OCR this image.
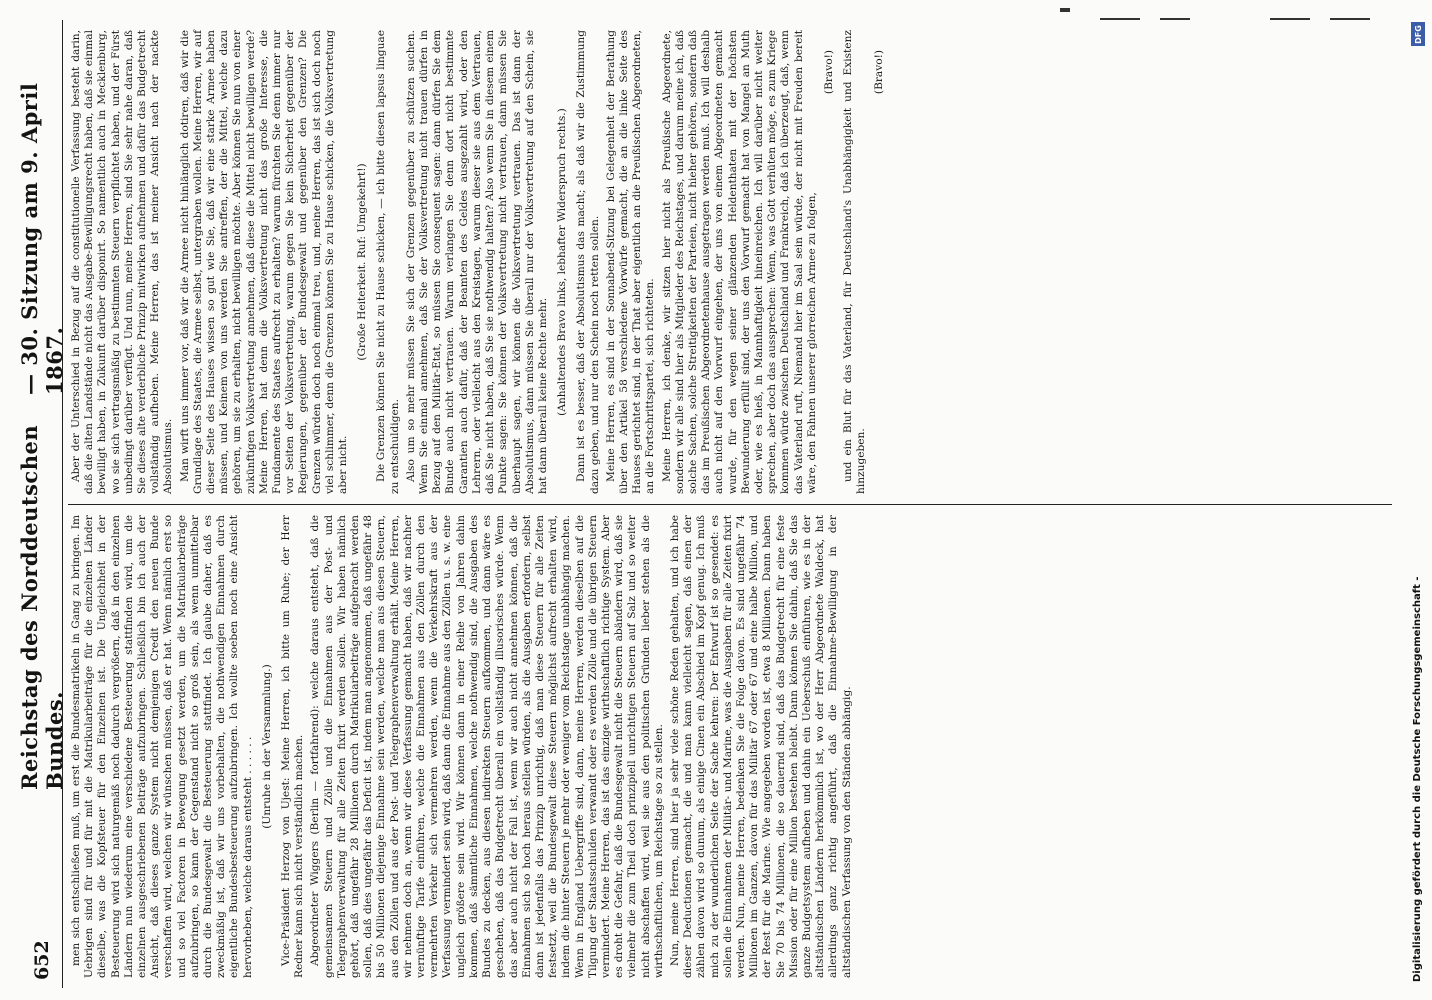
652
Reichstag des Norddeutschen Bundes.
— 30. Sitzung am 9. April 1867.

men sich entschließen muß, um erst die Bundesmatrikeln in Gang zu bringen. Im Uebrigen sind für und für mit die Matrikularbeiträge für die einzelnen Länder dieselbe, was die Kopfsteuer für den Einzelnen ist. Die Ungleichheit in der Besteuerung wird sich naturgemäß noch dadurch vergrößern, daß in den einzelnen Ländern nun wiederum eine verschiedene Besteuerung stattfinden wird, um die einzelnen ausgeschriebenen Beiträge aufzubringen. Schließlich bin ich auch der Ansicht, daß dieses ganze System nicht demjenigen Credit den neuen Bunde verschaffen wird, welchen wir wünschen müssen, daß er hat. Wenn nämlich erst so und so viel Factoren in Bewegung gesetzt werden, um die Matrikularbeiträge aufzubringen, so kann der Gegenstand nicht so groß sein, als wenn unmittelbar durch die Bundesgewalt die Besteuerung stattfindet. Ich glaube daher, daß es zweckmäßig ist, daß wir uns vorbehalten, die nothwendigen Einnahmen durch eigentliche Bundesbesteuerung aufzubringen. Ich wollte soeben noch eine Ansicht hervorheben, welche daraus entsteht . . . . . . (Unruhe in der Versammlung.) Vice-Präsident Herzog von Ujest: Meine Herren, ich bitte um Ruhe; der Herr Redner kann sich nicht verständlich machen. Abgeordneter Wiggers (Berlin — fortfahrend): welche daraus entsteht, daß die gemeinsamen Steuern und Zölle und die Einnahmen aus der Post- und Telegraphenverwaltung für alle Zeiten fixirt werden sollen. Wir haben nämlich gehört, daß ungefähr 28 Millionen durch Matrikularbeiträge aufgebracht werden sollen, daß dies ungefähr das Deficit ist, indem man angenommen, daß ungefähr 48 bis 50 Millionen diejenige Einnahme sein werden, welche man aus diesen Steuern, aus den Zöllen und aus der Post- und Telegraphenverwaltung erhält. Meine Herren, wir nehmen doch an, wenn wir diese Verfassung gemacht haben, daß wir nachher vernünftige Tarife einführen, welche die Einnahmen aus den Zöllen durch den vermehrten Verkehr sich vermehren werden, wenn die Verkehrskraft aus der Verfassung vermindert sein wird, daß dann die Einnahme aus den Zöllen u. s. w. eine ungleich größere sein wird. Wir können dann in einer Reihe von Jahren dahin kommen, daß sämmtliche Einnahmen, welche nothwendig sind, die Ausgaben des Bundes zu decken, aus diesen indirekten Steuern aufkommen, und dann wäre es geschehen, daß das Budgetrecht überall ein vollständig illusorisches würde. Wenn das aber auch nicht der Fall ist, wenn wir auch nicht annehmen können, daß die Einnahmen sich so hoch heraus stellen würden, als die Ausgaben erfordern, selbst dann ist jedenfalls das Prinzip unrichtig, daß man diese Steuern für alle Zeiten festsetzt, weil die Bundesgewalt diese Steuern möglichst aufrecht erhalten wird, indem die hinter Steuern je mehr oder weniger vom Reichstage unabhängig machen. Wenn in England Uebergriffe sind, dann, meine Herren, werden dieselben auf die Tilgung der Staatsschulden verwandt oder es werden Zölle und die übrigen Steuern vermindert. Meine Herren, das ist das einzige wirthschaftlich richtige System. Aber es droht die Gefahr, daß die Bundesgewalt nicht die Steuern abändern wird, daß sie vielmehr die zum Theil doch prinzipiell unrichtigen Steuern auf Salz und so weiter nicht abschaffen wird, weil sie aus den politischen Gründen lieber stehen als die wirthschaftlichen, um Reichstage so zu stellen. Nun, meine Herren, sind hier ja sehr viele schöne Reden gehalten, und ich habe dieser Deductionen gemacht, die und man kann vielleicht sagen, daß einen der zählen davon wird so dunum, als einige Cinen ein Abschied im Kopf genug. Ich muß mich zu der wunderlichen Seite der Sache kehren: Der Entwurf ist so gesendet: es sollen die Einnahmen der Militär- und Marine, was die Ausgaben für alle Zeiten fixirt werden. Nun, meine Herren, bedenken Sie die Folge davon. Es sind ungefähr 74 Millionen im Ganzen, davon für das Militär 67 oder 67 und eine halbe Million, und der Rest für die Marine. Wie angegeben worden ist, etwa 8 Millionen. Dann haben Sie 70 bis 74 Millionen, die so dauernd sind, daß das Budgetrecht für eine feste Mission oder für eine Million bestehen bleibt. Dann können Sie dahin, daß Sie das ganze Budgetsystem aufheben und dahin ein Ueberschuß einführen, wie es in der altständischen Ländern herkömmlich ist, wo der Herr Abgeordnete Waldeck, hat allerdings ganz richtig angeführt, daß die Einnahme-Bewilligung in der altständischen Verfassung von den Ständen abhängig.

Aber der Unterschied in Bezug auf die constitutionelle Verfassung besteht darin, daß die alten Landstände nicht das Ausgabe-Bewilligungsrecht haben, daß sie einmal bewilligt haben, in Zukunft darüber disponirt. So namentlich auch in Mecklenburg, wo sie sich vertragsmäßig zu bestimmten Steuern verpflichtet haben, und der Fürst unbedingt darüber verfügt. Und nun, meine Herren, sind Sie sehr nahe daran, daß Sie dieses alte verderbliche Prinzip mitwirken aufnehmen und dafür das Budgetrecht vollständig aufheben. Meine Herren, das ist meiner Ansicht nach der nackte Absolutismus. Man wirft uns immer vor, daß wir die Armee nicht hinlänglich dotiren, daß wir die Grundlage des Staates, die Armee selbst, untergraben wollen. Meine Herren, wir auf dieser Seite des Hauses wissen so gut wie Sie, daß wir eine starke Armee haben müssen, und Keinem von uns werden Sie antreffen, der die Mittel, welche dazu gehören, um sie zu erhalten, nicht bewilligen möchte. Aber können Sie nun von einer zukünftigen Volksvertretung annehmen, daß diese die Mittel nicht bewilligen werde? Meine Herren, hat denn die Volksvertretung nicht das große Interesse, die Fundamente des Staates aufrecht zu erhalten? warum fürchten Sie denn immer nur vor Seiten der Volksvertretung, warum gegen Sie kein Sicherheit gegenüber der Regierungen, gegenüber der Bundesgewalt und gegenüber den Grenzen? Die Grenzen würden doch noch einmal treu, und, meine Herren, das ist sich doch noch viel schlimmer, denn die Grenzen können Sie zu Hause schicken, die Volksvertretung aber nicht.

(Große Heiterkeit. Ruf: Umgekehrt!) Die Grenzen können Sie nicht zu Hause schicken, — ich bitte diesen lapsus linguae zu entschuldigen. Also um so mehr müssen Sie sich der Grenzen gegenüber zu schützen suchen. Wenn Sie einmal annehmen, daß Sie der Volksvertretung nicht trauen dürfen in Bezug auf den Militär-Etat, so müssen Sie consequent sagen: dann dürfen Sie dem Bunde auch nicht vertrauen. Warum verlangen Sie denn dort nicht bestimmte Garantien auch dafür, daß der Beamten des Geldes ausgezahlt wird, oder den Lehrern, oder vielleicht aus den Kreistagen, warum dieser sie aus dem Vertrauen, daß Sie nicht haben, daß Sie sie nothwendig halten? Also wenn Sie in diesem einem Punkte sagen: Sie können der Volksvertretung nicht vertrauen, dann müssen Sie überhaupt sagen, wir können die Volksvertretung vertrauen. Das ist dann der Absolutismus, dann müssen Sie überall nur der Volksvertretung auf den Schein, sie hat dann überall keine Rechte mehr. (Anhaltendes Bravo links, lebhafter Widerspruch rechts.) Dann ist es besser, daß der Absolutismus das macht; als daß wir die Zustimmung dazu geben, und nur den Schein noch retten sollen. Meine Herren, es sind in der Sonnabend-Sitzung bei Gelegenheit der Berathung über den Artikel 58 verschiedene Vorwürfe gemacht, die an die linke Seite des Hauses gerichtet sind, in der That aber eigentlich an die Preußischen Abgeordneten, an die Fortschrittspartei, sich richteten. Meine Herren, ich denke, wir sitzen hier nicht als Preußische Abgeordnete, sondern wir alle sind hier als Mitglieder des Reichstages, und darum meine ich, daß solche Sachen, solche Streitigkeiten der Parteien, nicht hieher gehören, sondern daß das im Preußischen Abgeordnetenhause ausgetragen werden muß. Ich will deshalb auch nicht auf den Vorwurf eingehen, der uns von einem Abgeordneten gemacht wurde, für den wegen seiner glänzenden Heldenthaten mit der höchsten Bewunderung erfüllt sind, der uns den Vorwurf gemacht hat von Mangel an Muth oder, wie es hieß, in Mannhaftigkeit hineinreichen. Ich will darüber nicht weiter sprechen, aber doch das aussprechen: Wenn, was Gott verhüten möge, es zum Kriege kommen würde zwischen Deutschland und Frankreich, daß ich überzeugt, daß, wenn das Vaterland ruft, Niemand hier im Saal sein würde, der nicht mit Freuden bereit wäre, den Fahnen unserer glorreichen Armee zu folgen,

(Bravo!) und ein Blut für das Vaterland, für Deutschland's Unabhängigkeit und Existenz hinzugeben.

(Bravo!)

DFG
Digitalisierung gefördert durch die Deutsche Forschungsgemeinschaft -
